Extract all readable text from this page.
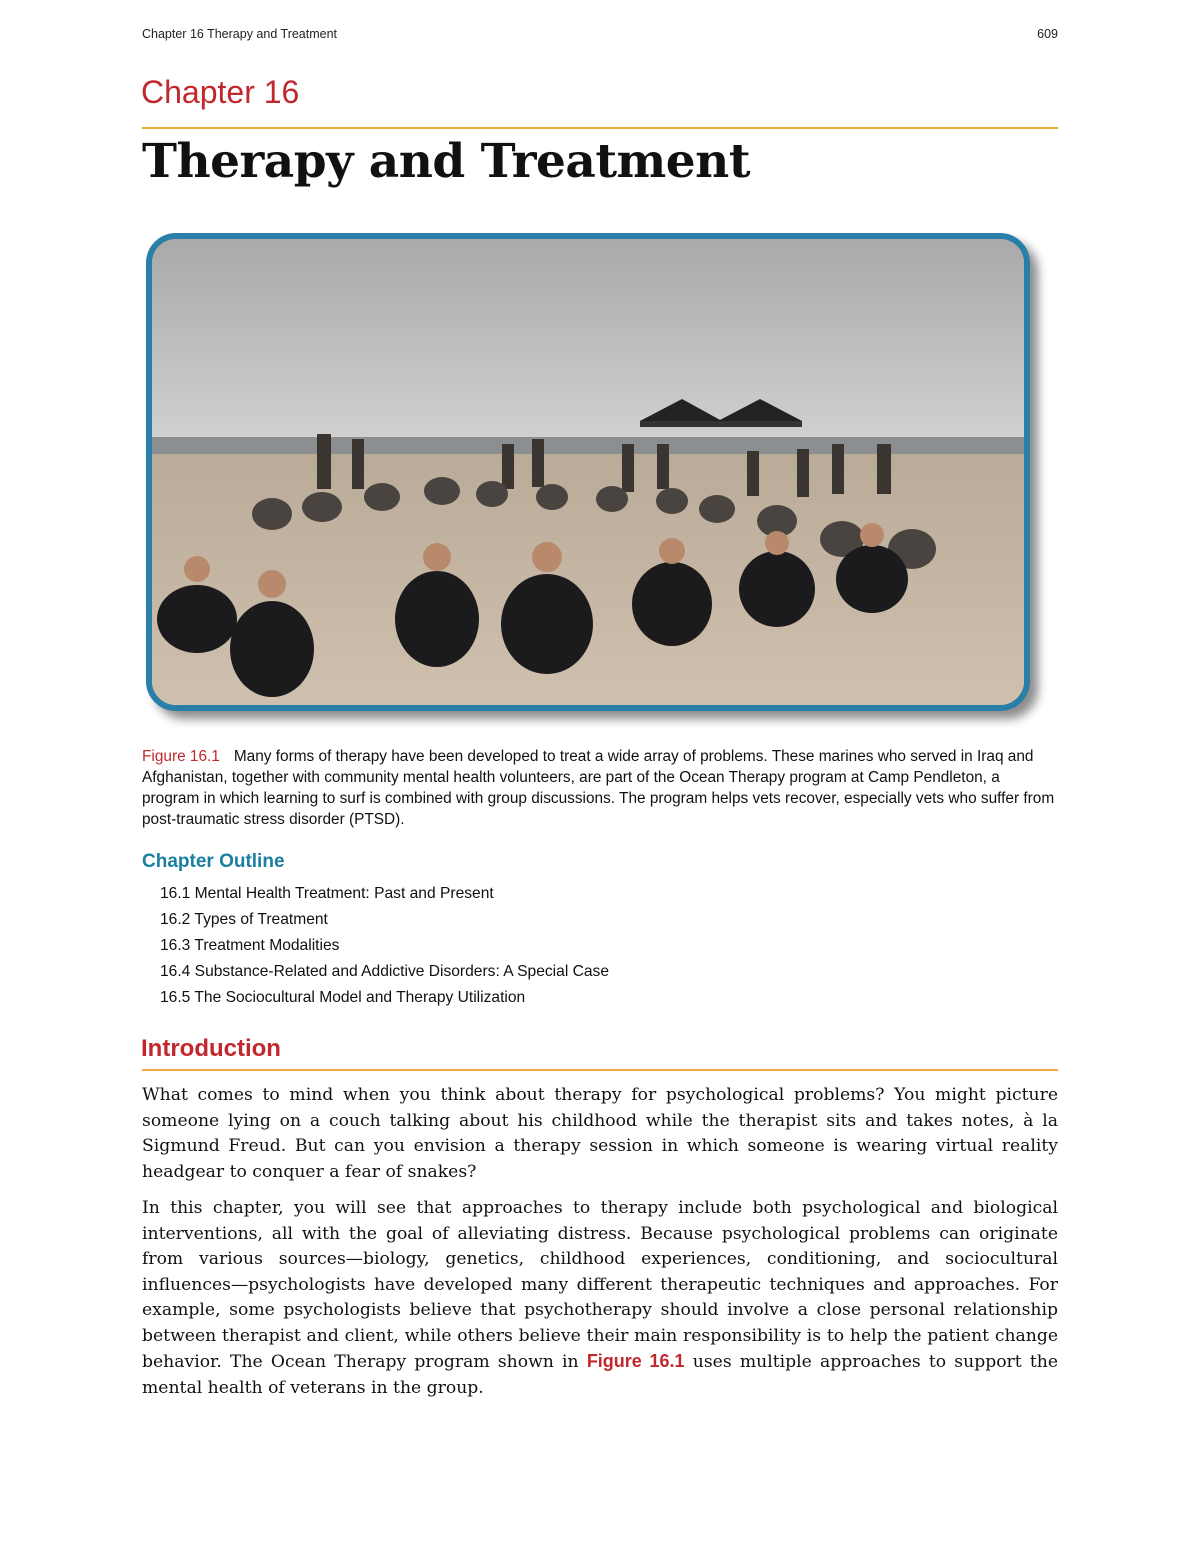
Chapter 16 Therapy and Treatment	609
Chapter 16
Therapy and Treatment
Figure 16.1 Many forms of therapy have been developed to treat a wide array of problems. These marines who served in Iraq and Afghanistan, together with community mental health volunteers, are part of the Ocean Therapy program at Camp Pendleton, a program in which learning to surf is combined with group discussions. The program helps vets recover, especially vets who suffer from post-traumatic stress disorder (PTSD).
Chapter Outline
16.1 Mental Health Treatment: Past and Present
16.2 Types of Treatment
16.3 Treatment Modalities
16.4 Substance-Related and Addictive Disorders: A Special Case
16.5 The Sociocultural Model and Therapy Utilization
Introduction

What comes to mind when you think about therapy for psychological problems? You might picture someone lying on a couch talking about his childhood while the therapist sits and takes notes, à la Sigmund Freud. But can you envision a therapy session in which someone is wearing virtual reality headgear to conquer a fear of snakes?

In this chapter, you will see that approaches to therapy include both psychological and biological interventions, all with the goal of alleviating distress. Because psychological problems can originate from various sources—biology, genetics, childhood experiences, conditioning, and sociocultural influences—psychologists have developed many different therapeutic techniques and approaches. For example, some psychologists believe that psychotherapy should involve a close personal relationship between therapist and client, while others believe their main responsibility is to help the patient change behavior. The Ocean Therapy program shown in Figure 16.1 uses multiple approaches to support the mental health of veterans in the group.
